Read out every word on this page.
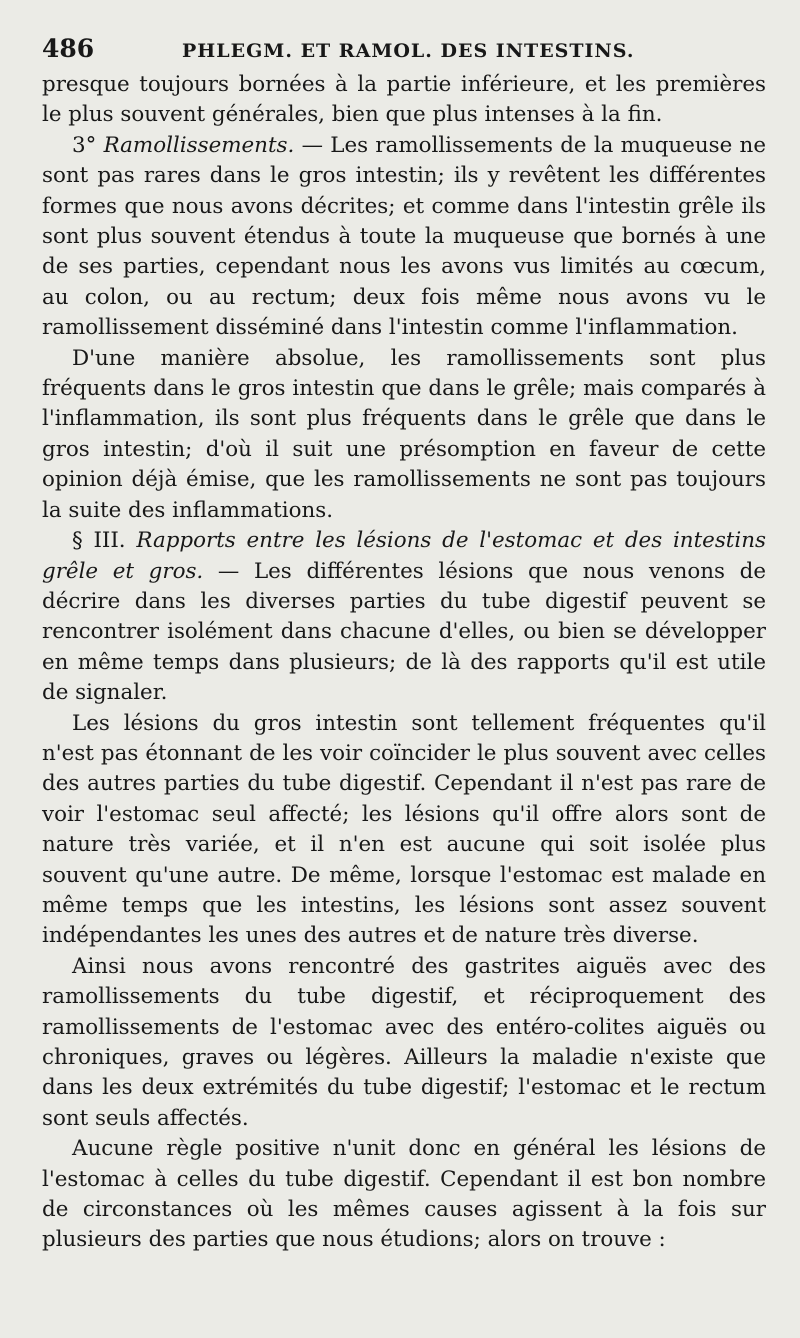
486	PHLEGM. ET RAMOL. DES INTESTINS.

presque toujours bornées à la partie inférieure, et les premières le plus souvent générales, bien que plus intenses à la fin.

3° Ramollissements. — Les ramollissements de la muqueuse ne sont pas rares dans le gros intestin; ils y revêtent les différentes formes que nous avons décrites; et comme dans l'intestin grêle ils sont plus souvent étendus à toute la muqueuse que bornés à une de ses parties, cependant nous les avons vus limités au cœcum, au colon, ou au rectum; deux fois même nous avons vu le ramollissement disséminé dans l'intestin comme l'inflammation.

D'une manière absolue, les ramollissements sont plus fréquents dans le gros intestin que dans le grêle; mais comparés à l'inflammation, ils sont plus fréquents dans le grêle que dans le gros intestin; d'où il suit une présomption en faveur de cette opinion déjà émise, que les ramollissements ne sont pas toujours la suite des inflammations.

§ III. Rapports entre les lésions de l'estomac et des intestins grêle et gros. — Les différentes lésions que nous venons de décrire dans les diverses parties du tube digestif peuvent se rencontrer isolément dans chacune d'elles, ou bien se développer en même temps dans plusieurs; de là des rapports qu'il est utile de signaler.

Les lésions du gros intestin sont tellement fréquentes qu'il n'est pas étonnant de les voir coïncider le plus souvent avec celles des autres parties du tube digestif. Cependant il n'est pas rare de voir l'estomac seul affecté; les lésions qu'il offre alors sont de nature très variée, et il n'en est aucune qui soit isolée plus souvent qu'une autre. De même, lorsque l'estomac est malade en même temps que les intestins, les lésions sont assez souvent indépendantes les unes des autres et de nature très diverse.

Ainsi nous avons rencontré des gastrites aiguës avec des ramollissements du tube digestif, et réciproquement des ramollissements de l'estomac avec des entéro-colites aiguës ou chroniques, graves ou légères. Ailleurs la maladie n'existe que dans les deux extrémités du tube digestif; l'estomac et le rectum sont seuls affectés.

Aucune règle positive n'unit donc en général les lésions de l'estomac à celles du tube digestif. Cependant il est bon nombre de circonstances où les mêmes causes agissent à la fois sur plusieurs des parties que nous étudions; alors on trouve :
